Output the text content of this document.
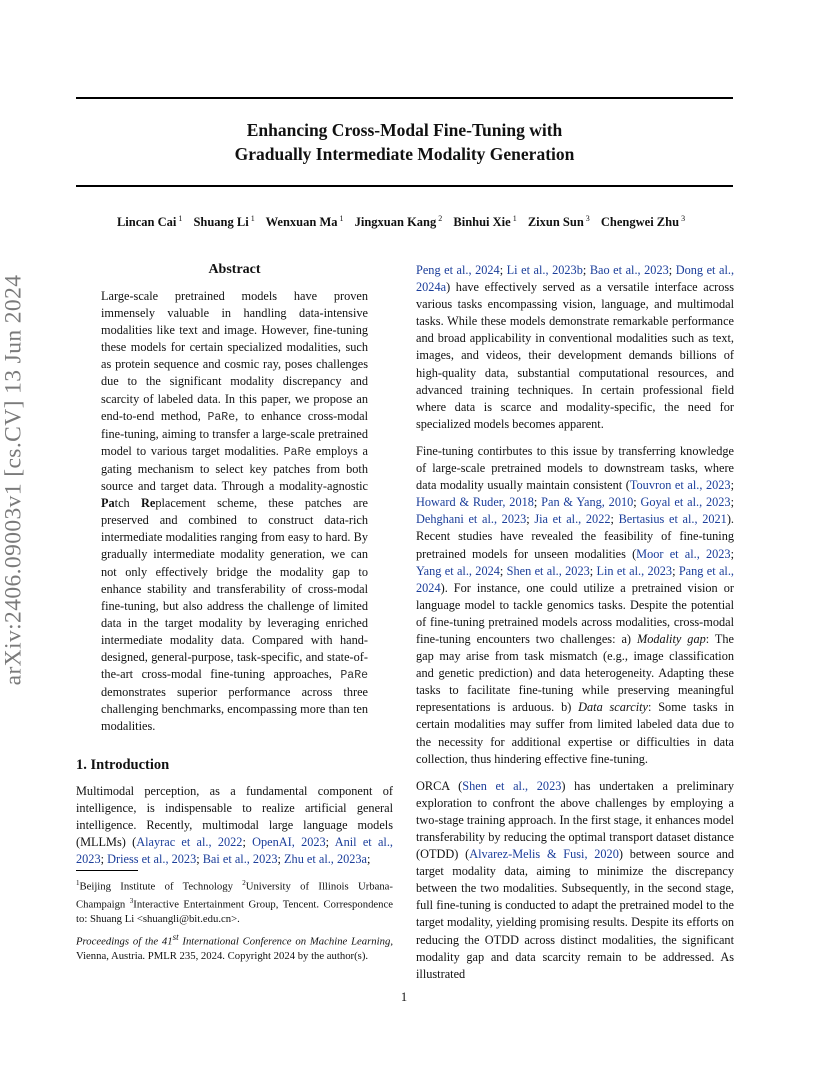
Enhancing Cross-Modal Fine-Tuning with
Gradually Intermediate Modality Generation
Lincan Cai $^1$ Shuang Li $^1$ Wenxuan Ma $^1$ Jingxuan Kang $^2$ Binhui Xie $^1$ Zixun Sun $^3$ Chengwei Zhu $^3$
arXiv:2406.09003v1 [cs.CV] 13 Jun 2024
Abstract
Large-scale pretrained models have proven immensely valuable in handling data-intensive modalities like text and image. However, fine-tuning these models for certain specialized modalities, such as protein sequence and cosmic ray, poses challenges due to the significant modality discrepancy and scarcity of labeled data. In this paper, we propose an end-to-end method, PaRe, to enhance cross-modal fine-tuning, aiming to transfer a large-scale pretrained model to various target modalities. PaRe employs a gating mechanism to select key patches from both source and target data. Through a modality-agnostic Patch Replacement scheme, these patches are preserved and combined to construct data-rich intermediate modalities ranging from easy to hard. By gradually intermediate modality generation, we can not only effectively bridge the modality gap to enhance stability and transferability of cross-modal fine-tuning, but also address the challenge of limited data in the target modality by leveraging enriched intermediate modality data. Compared with hand-designed, general-purpose, task-specific, and state-of-the-art cross-modal fine-tuning approaches, PaRe demonstrates superior performance across three challenging benchmarks, encompassing more than ten modalities.
1. Introduction
Multimodal perception, as a fundamental component of intelligence, is indispensable to realize artificial general intelligence. Recently, multimodal large language models (MLLMs) (Alayrac et al., 2022; OpenAI, 2023; Anil et al., 2023; Driess et al., 2023; Bai et al., 2023; Zhu et al., 2023a;
$^1$Beijing Institute of Technology $^2$University of Illinois Urbana-Champaign $^3$Interactive Entertainment Group, Tencent. Correspondence to: Shuang Li <shuangli@bit.edu.cn>.
Proceedings of the 41st International Conference on Machine Learning, Vienna, Austria. PMLR 235, 2024. Copyright 2024 by the author(s).

Peng et al., 2024; Li et al., 2023b; Bao et al., 2023; Dong et al., 2024a) have effectively served as a versatile interface across various tasks encompassing vision, language, and multimodal tasks. While these models demonstrate remarkable performance and broad applicability in conventional modalities such as text, images, and videos, their development demands billions of high-quality data, substantial computational resources, and advanced training techniques. In certain professional field where data is scarce and modality-specific, the need for specialized models becomes apparent.

Fine-tuning contirbutes to this issue by transferring knowledge of large-scale pretrained models to downstream tasks, where data modality usually maintain consistent (Touvron et al., 2023; Howard & Ruder, 2018; Pan & Yang, 2010; Goyal et al., 2023; Dehghani et al., 2023; Jia et al., 2022; Bertasius et al., 2021). Recent studies have revealed the feasibility of fine-tuning pretrained models for unseen modalities (Moor et al., 2023; Yang et al., 2024; Shen et al., 2023; Lin et al., 2023; Pang et al., 2024). For instance, one could utilize a pretrained vision or language model to tackle genomics tasks. Despite the potential of fine-tuning pretrained models across modalities, cross-modal fine-tuning encounters two challenges: a) Modality gap: The gap may arise from task mismatch (e.g., image classification and genetic prediction) and data heterogeneity. Adapting these tasks to facilitate fine-tuning while preserving meaningful representations is arduous. b) Data scarcity: Some tasks in certain modalities may suffer from limited labeled data due to the necessity for additional expertise or difficulties in data collection, thus hindering effective fine-tuning.

ORCA (Shen et al., 2023) has undertaken a preliminary exploration to confront the above challenges by employing a two-stage training approach. In the first stage, it enhances model transferability by reducing the optimal transport dataset distance (OTDD) (Alvarez-Melis & Fusi, 2020) between source and target modality data, aiming to minimize the discrepancy between the two modalities. Subsequently, in the second stage, full fine-tuning is conducted to adapt the pretrained model to the target modality, yielding promising results. Despite its efforts on reducing the OTDD across distinct modalities, the significant modality gap and data scarcity remain to be addressed. As illustrated

1
